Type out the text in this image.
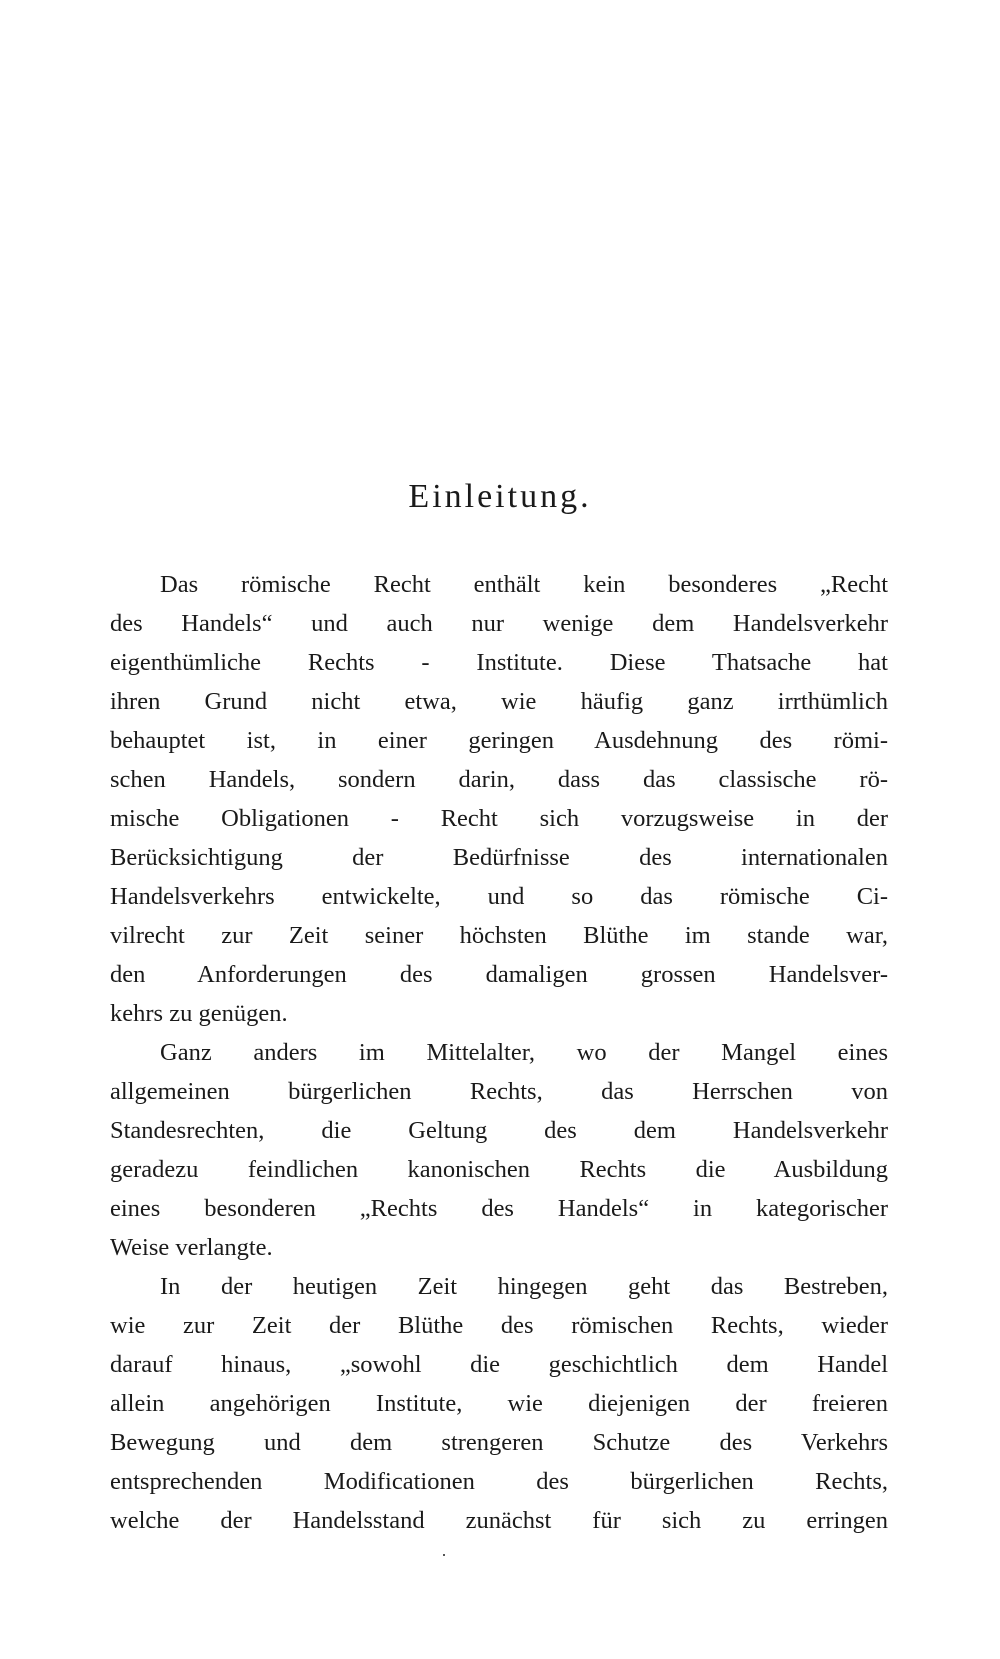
Einleitung.
Das römische Recht enthält kein besonderes „Recht
des Handels“ und auch nur wenige dem Handelsverkehr
eigenthümliche Rechts - Institute. Diese Thatsache hat
ihren Grund nicht etwa, wie häufig ganz irrthümlich
behauptet ist, in einer geringen Ausdehnung des römi-
schen Handels, sondern darin, dass das classische rö-
mische Obligationen - Recht sich vorzugsweise in der
Berücksichtigung der Bedürfnisse des internationalen
Handelsverkehrs entwickelte, und so das römische Ci-
vilrecht zur Zeit seiner höchsten Blüthe im stande war,
den Anforderungen des damaligen grossen Handelsver-
kehrs zu genügen.
Ganz anders im Mittelalter, wo der Mangel eines
allgemeinen bürgerlichen Rechts, das Herrschen von
Standesrechten, die Geltung des dem Handelsverkehr
geradezu feindlichen kanonischen Rechts die Ausbildung
eines besonderen „Rechts des Handels“ in kategorischer
Weise verlangte.
In der heutigen Zeit hingegen geht das Bestreben,
wie zur Zeit der Blüthe des römischen Rechts, wieder
darauf hinaus, „sowohl die geschichtlich dem Handel
allein angehörigen Institute, wie diejenigen der freieren
Bewegung und dem strengeren Schutze des Verkehrs
entsprechenden Modificationen des bürgerlichen Rechts,
welche der Handelsstand zunächst für sich zu erringen
